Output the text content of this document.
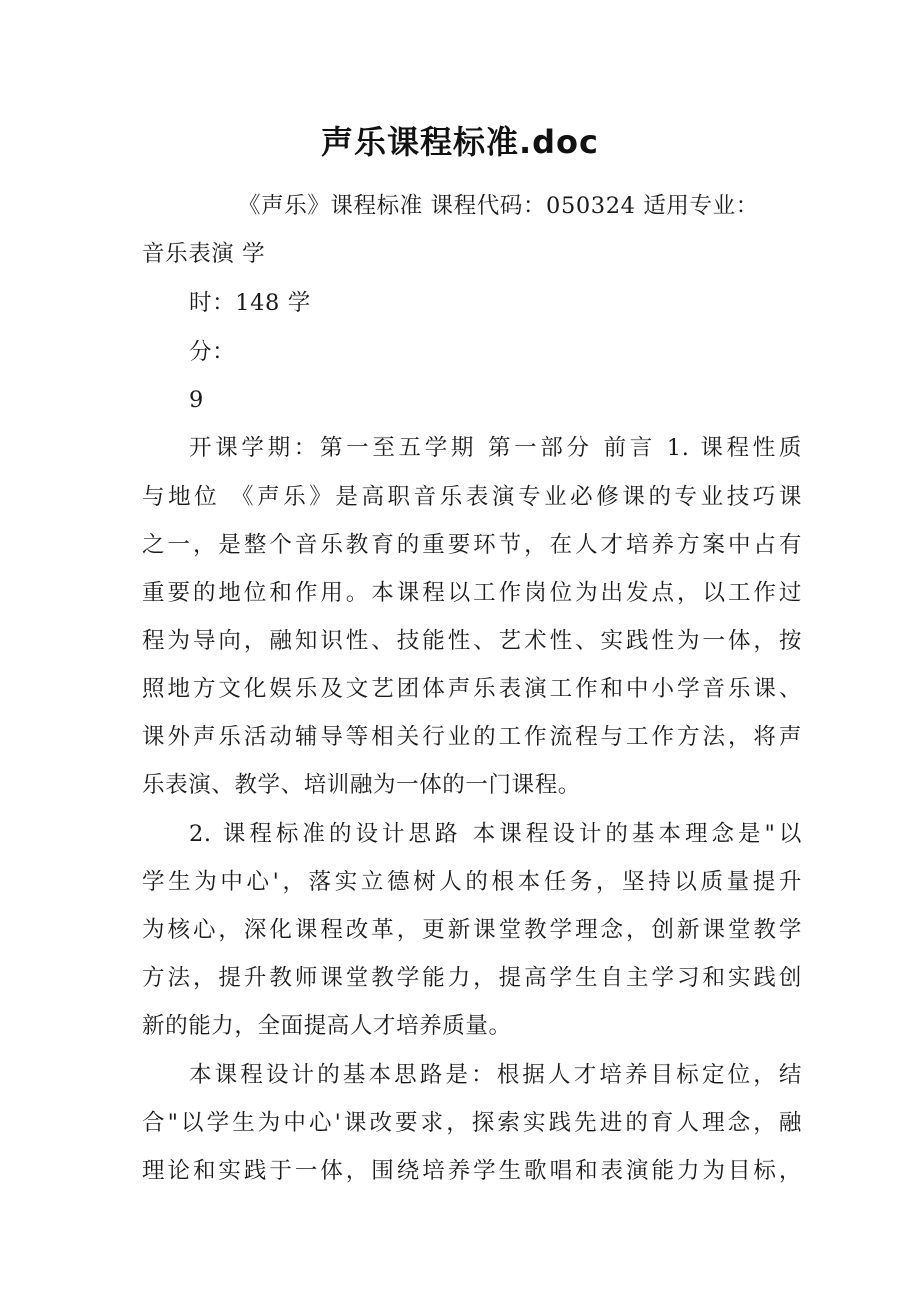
声乐课程标准.doc
《声乐》课程标准 课程代码：050324 适用专业：
音乐表演 学
时：148 学
分：
9
开课学期：第一至五学期 第一部分 前言 1. 课程性质
与地位 《声乐》是高职音乐表演专业必修课的专业技巧课
之一，是整个音乐教育的重要环节，在人才培养方案中占有
重要的地位和作用。本课程以工作岗位为出发点，以工作过
程为导向，融知识性、技能性、艺术性、实践性为一体，按
照地方文化娱乐及文艺团体声乐表演工作和中小学音乐课、
课外声乐活动辅导等相关行业的工作流程与工作方法，将声
乐表演、教学、培训融为一体的一门课程。
2. 课程标准的设计思路 本课程设计的基本理念是"以
学生为中心'，落实立德树人的根本任务，坚持以质量提升
为核心，深化课程改革，更新课堂教学理念，创新课堂教学
方法，提升教师课堂教学能力，提高学生自主学习和实践创
新的能力，全面提高人才培养质量。
本课程设计的基本思路是：根据人才培养目标定位，结
合"以学生为中心'课改要求，探索实践先进的育人理念，融
理论和实践于一体，围绕培养学生歌唱和表演能力为目标，
